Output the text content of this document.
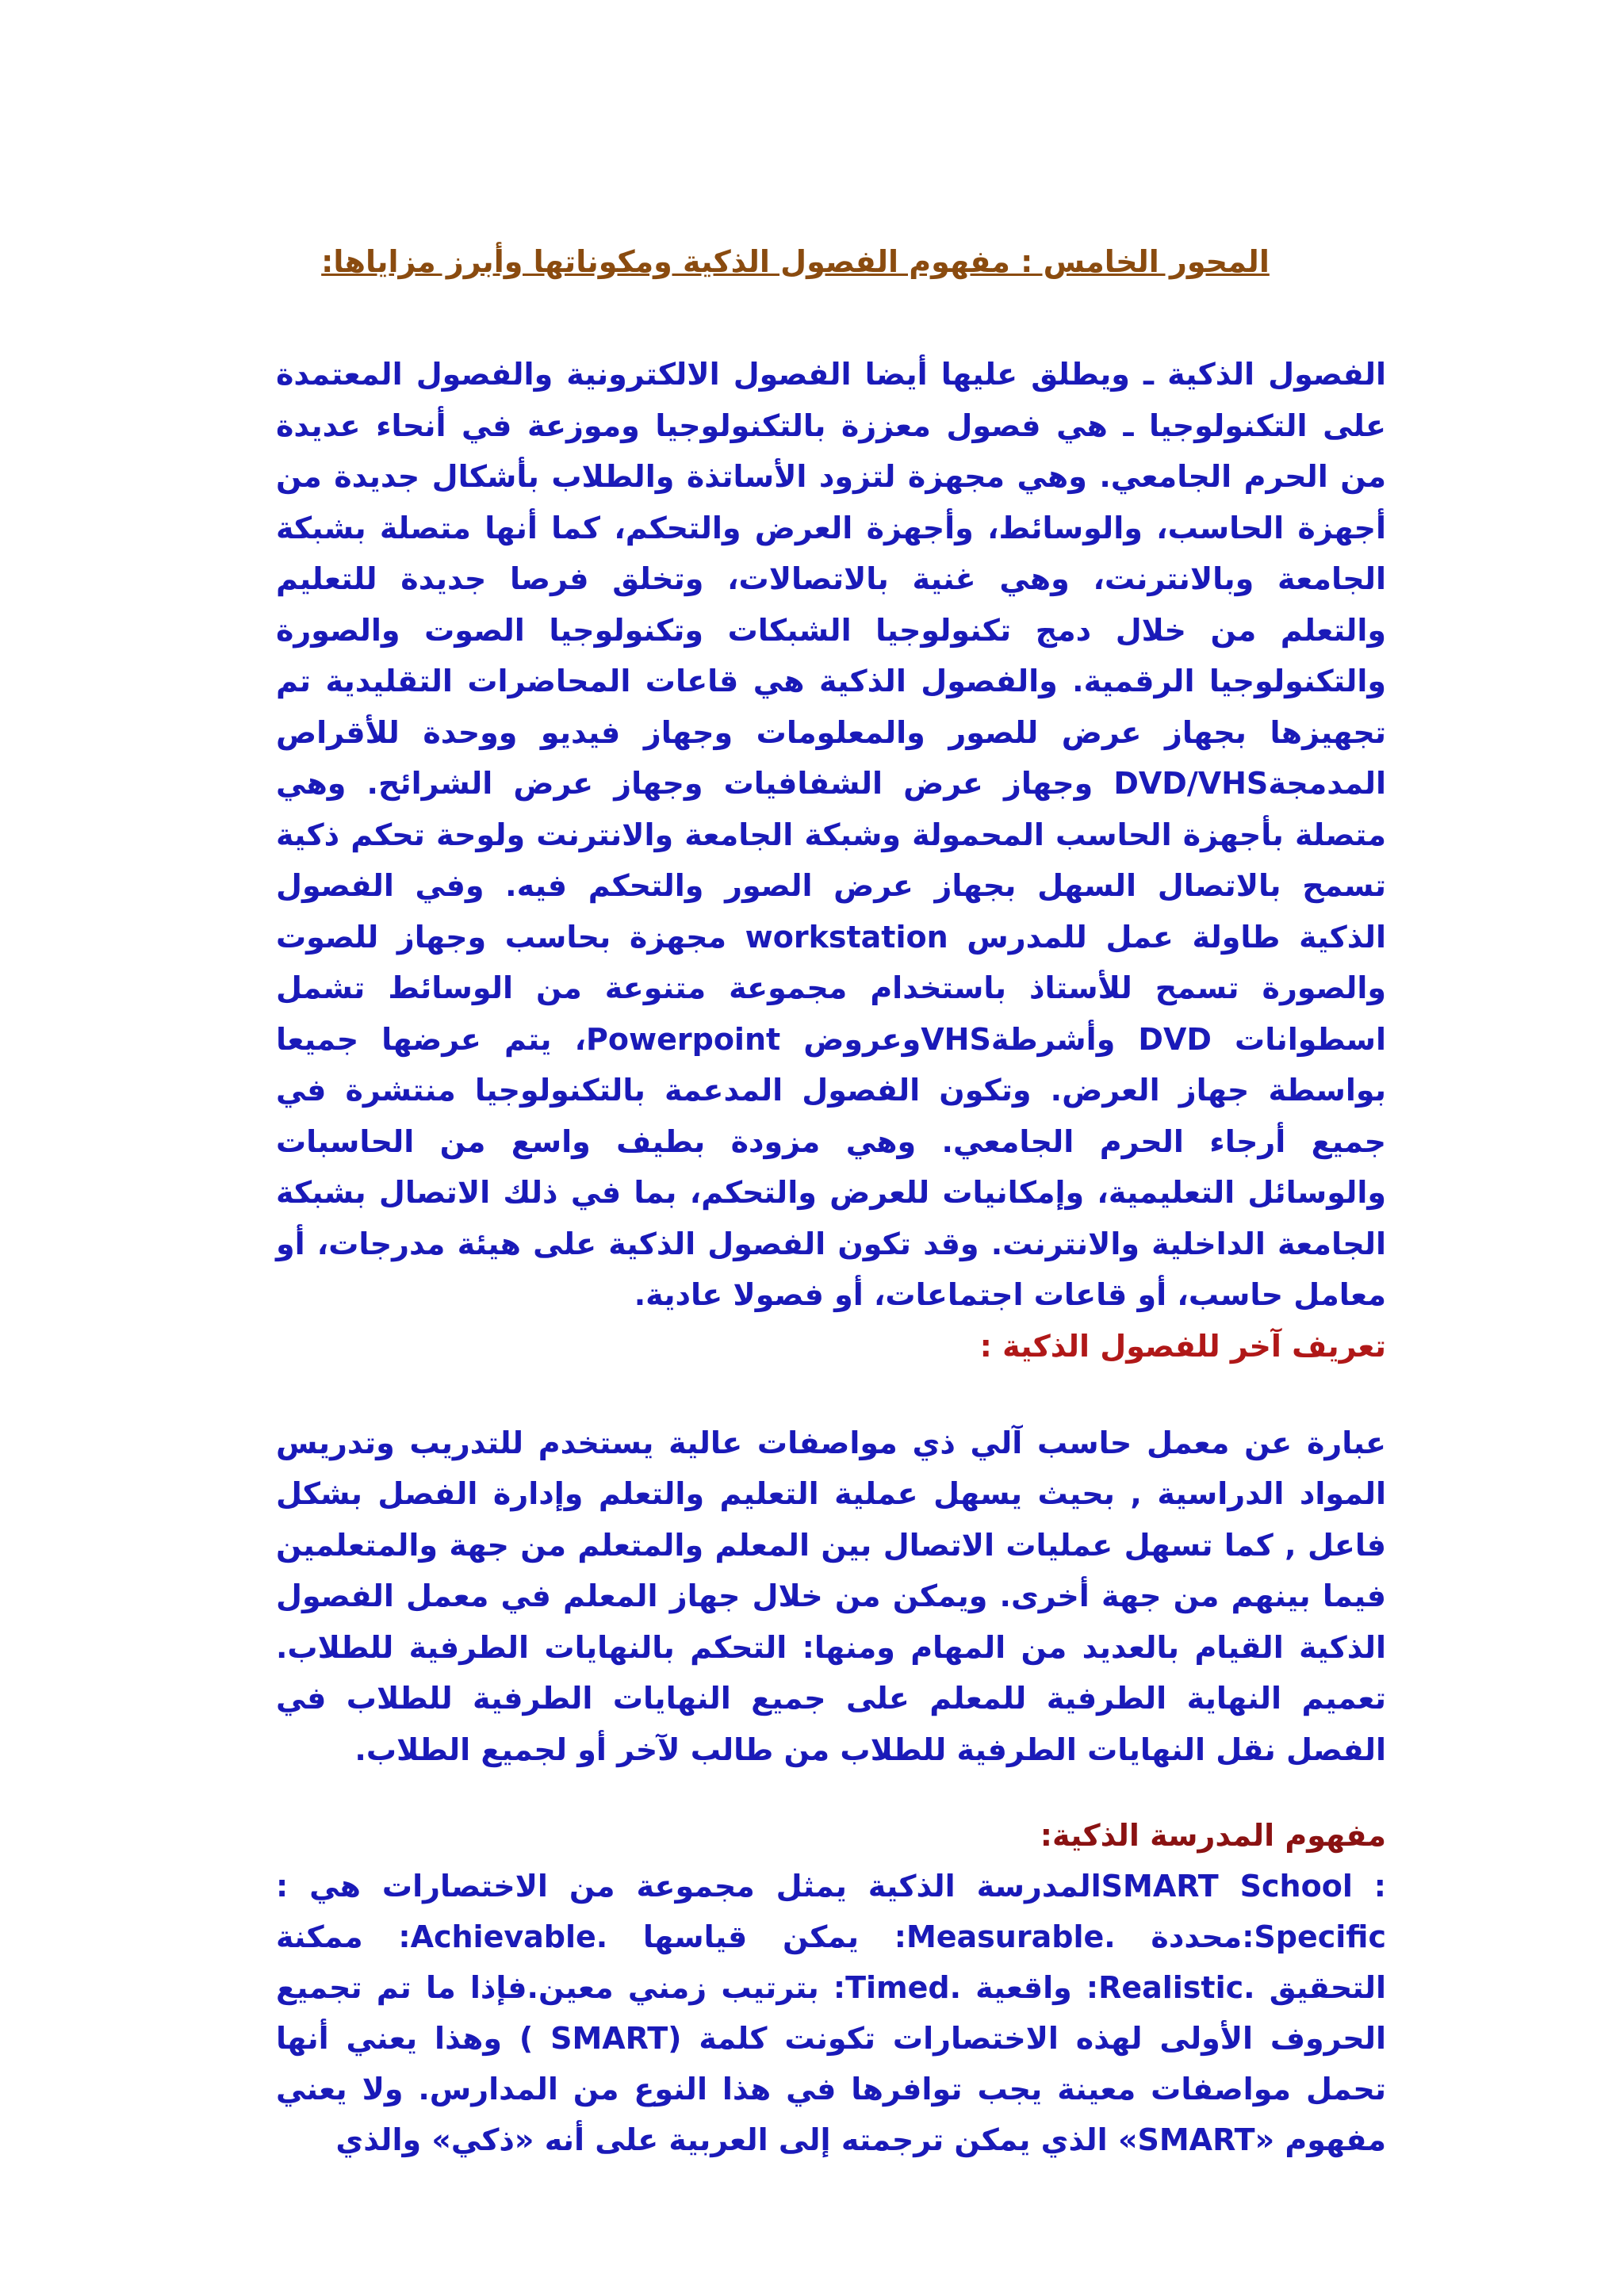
المحور الخامس : مفهوم الفصول الذكية ومكوناتها وأبرز مزاياها:

الفصول الذكية ـ ويطلق عليها أيضا الفصول الالكترونية والفصول المعتمدة على التكنولوجيا ـ هي فصول معززة بالتكنولوجيا وموزعة في أنحاء عديدة من الحرم الجامعي. وهي مجهزة لتزود الأساتذة والطلاب بأشكال جديدة من أجهزة الحاسب، والوسائط، وأجهزة العرض والتحكم، كما أنها متصلة بشبكة الجامعة وبالانترنت، وهي غنية بالاتصالات، وتخلق فرصا جديدة للتعليم والتعلم من خلال دمج تكنولوجيا الشبكات وتكنولوجيا الصوت والصورة والتكنولوجيا الرقمية. والفصول الذكية هي قاعات المحاضرات التقليدية تم تجهيزها بجهاز عرض للصور والمعلومات وجهاز فيديو ووحدة للأقراص المدمجةDVD/VHS وجهاز عرض الشفافيات وجهاز عرض الشرائح. وهي متصلة بأجهزة الحاسب المحمولة وشبكة الجامعة والانترنت ولوحة تحكم ذكية تسمح بالاتصال السهل بجهاز عرض الصور والتحكم فيه. وفي الفصول الذكية طاولة عمل للمدرس workstation مجهزة بحاسب وجهاز للصوت والصورة تسمح للأستاذ باستخدام مجموعة متنوعة من الوسائط تشمل اسطوانات DVD وأشرطةVHSوعروض Powerpoint، يتم عرضها جميعا بواسطة جهاز العرض. وتكون الفصول المدعمة بالتكنولوجيا منتشرة في جميع أرجاء الحرم الجامعي. وهي مزودة بطيف واسع من الحاسبات والوسائل التعليمية، وإمكانيات للعرض والتحكم، بما في ذلك الاتصال بشبكة الجامعة الداخلية والانترنت. وقد تكون الفصول الذكية على هيئة مدرجات، أو معامل حاسب، أو قاعات اجتماعات، أو فصولا عادية.

تعريف آخر للفصول الذكية :

عبارة عن معمل حاسب آلي ذي مواصفات عالية يستخدم للتدريب وتدريس المواد الدراسية , بحيث يسهل عملية التعليم والتعلم وإدارة الفصل بشكل فاعل , كما تسهل عمليات الاتصال بين المعلم والمتعلم من جهة والمتعلمين فيما بينهم من جهة أخرى. ويمكن من خلال جهاز المعلم في معمل الفصول الذكية القيام بالعديد من المهام ومنها: التحكم بالنهايات الطرفية للطلاب. تعميم النهاية الطرفية للمعلم على جميع النهايات الطرفية للطلاب في الفصل نقل النهايات الطرفية للطلاب من طالب لآخر أو لجميع الطلاب.

مفهوم المدرسة الذكية:

: SMART Schoolالمدرسة الذكية يمثل مجموعة من الاختصارات هي : Specific:محددة .Measurable: يمكن قياسها .Achievable: ممكنة التحقيق .Realistic: واقعية .Timed: بترتيب زمني معين.فإذا ما تم تجميع الحروف الأولى لهذه الاختصارات تكونت كلمة (SMART ) وهذا يعني أنها تحمل مواصفات معينة يجب توافرها في هذا النوع من المدارس. ولا يعني مفهوم «SMART» الذي يمكن ترجمته إلى العربية على أنه «ذكي» والذي
